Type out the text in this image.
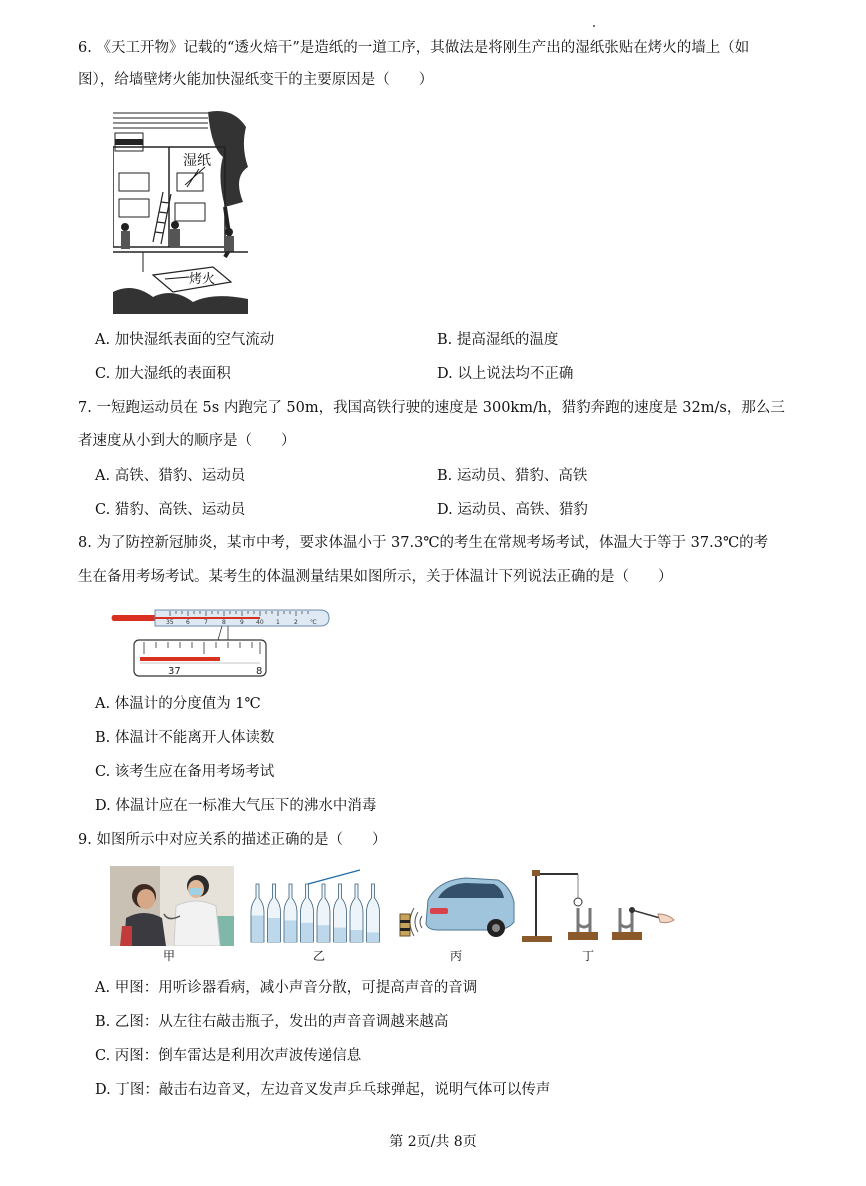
6. 《天工开物》记载的“透火焙干”是造纸的一道工序，其做法是将刚生产出的湿纸张贴在烤火的墙上（如
图），给墙壁烤火能加快湿纸变干的主要原因是（　　）
湿纸
烤火
A. 加快湿纸表面的空气流动	B. 提高湿纸的温度
C. 加大湿纸的表面积	D. 以上说法均不正确
7. 一短跑运动员在 5s 内跑完了 50m，我国高铁行驶的速度是 300km/h，猎豹奔跑的速度是 32m/s，那么三
者速度从小到大的顺序是（　　）
A. 高铁、猎豹、运动员	B. 运动员、猎豹、高铁
C. 猎豹、高铁、运动员	D. 运动员、高铁、猎豹
8. 为了防控新冠肺炎，某市中考，要求体温小于 37.3℃的考生在常规考场考试，体温大于等于 37.3℃的考
生在备用考场考试。某考生的体温测量结果如图所示，关于体温计下列说法正确的是（　　）
35 6 7 8 9 40 1 2 ℃
37	8
A. 体温计的分度值为 1℃
B. 体温计不能离开人体读数
C. 该考生应在备用考场考试
D. 体温计应在一标准大气压下的沸水中消毒
9. 如图所示中对应关系的描述正确的是（　　）
甲	乙	丙	丁
A. 甲图：用听诊器看病，减小声音分散，可提高声音的音调
B. 乙图：从左往右敲击瓶子，发出的声音音调越来越高
C. 丙图：倒车雷达是利用次声波传递信息
D. 丁图：敲击右边音叉，左边音叉发声乒乓球弹起，说明气体可以传声
第 2页/共 8页
